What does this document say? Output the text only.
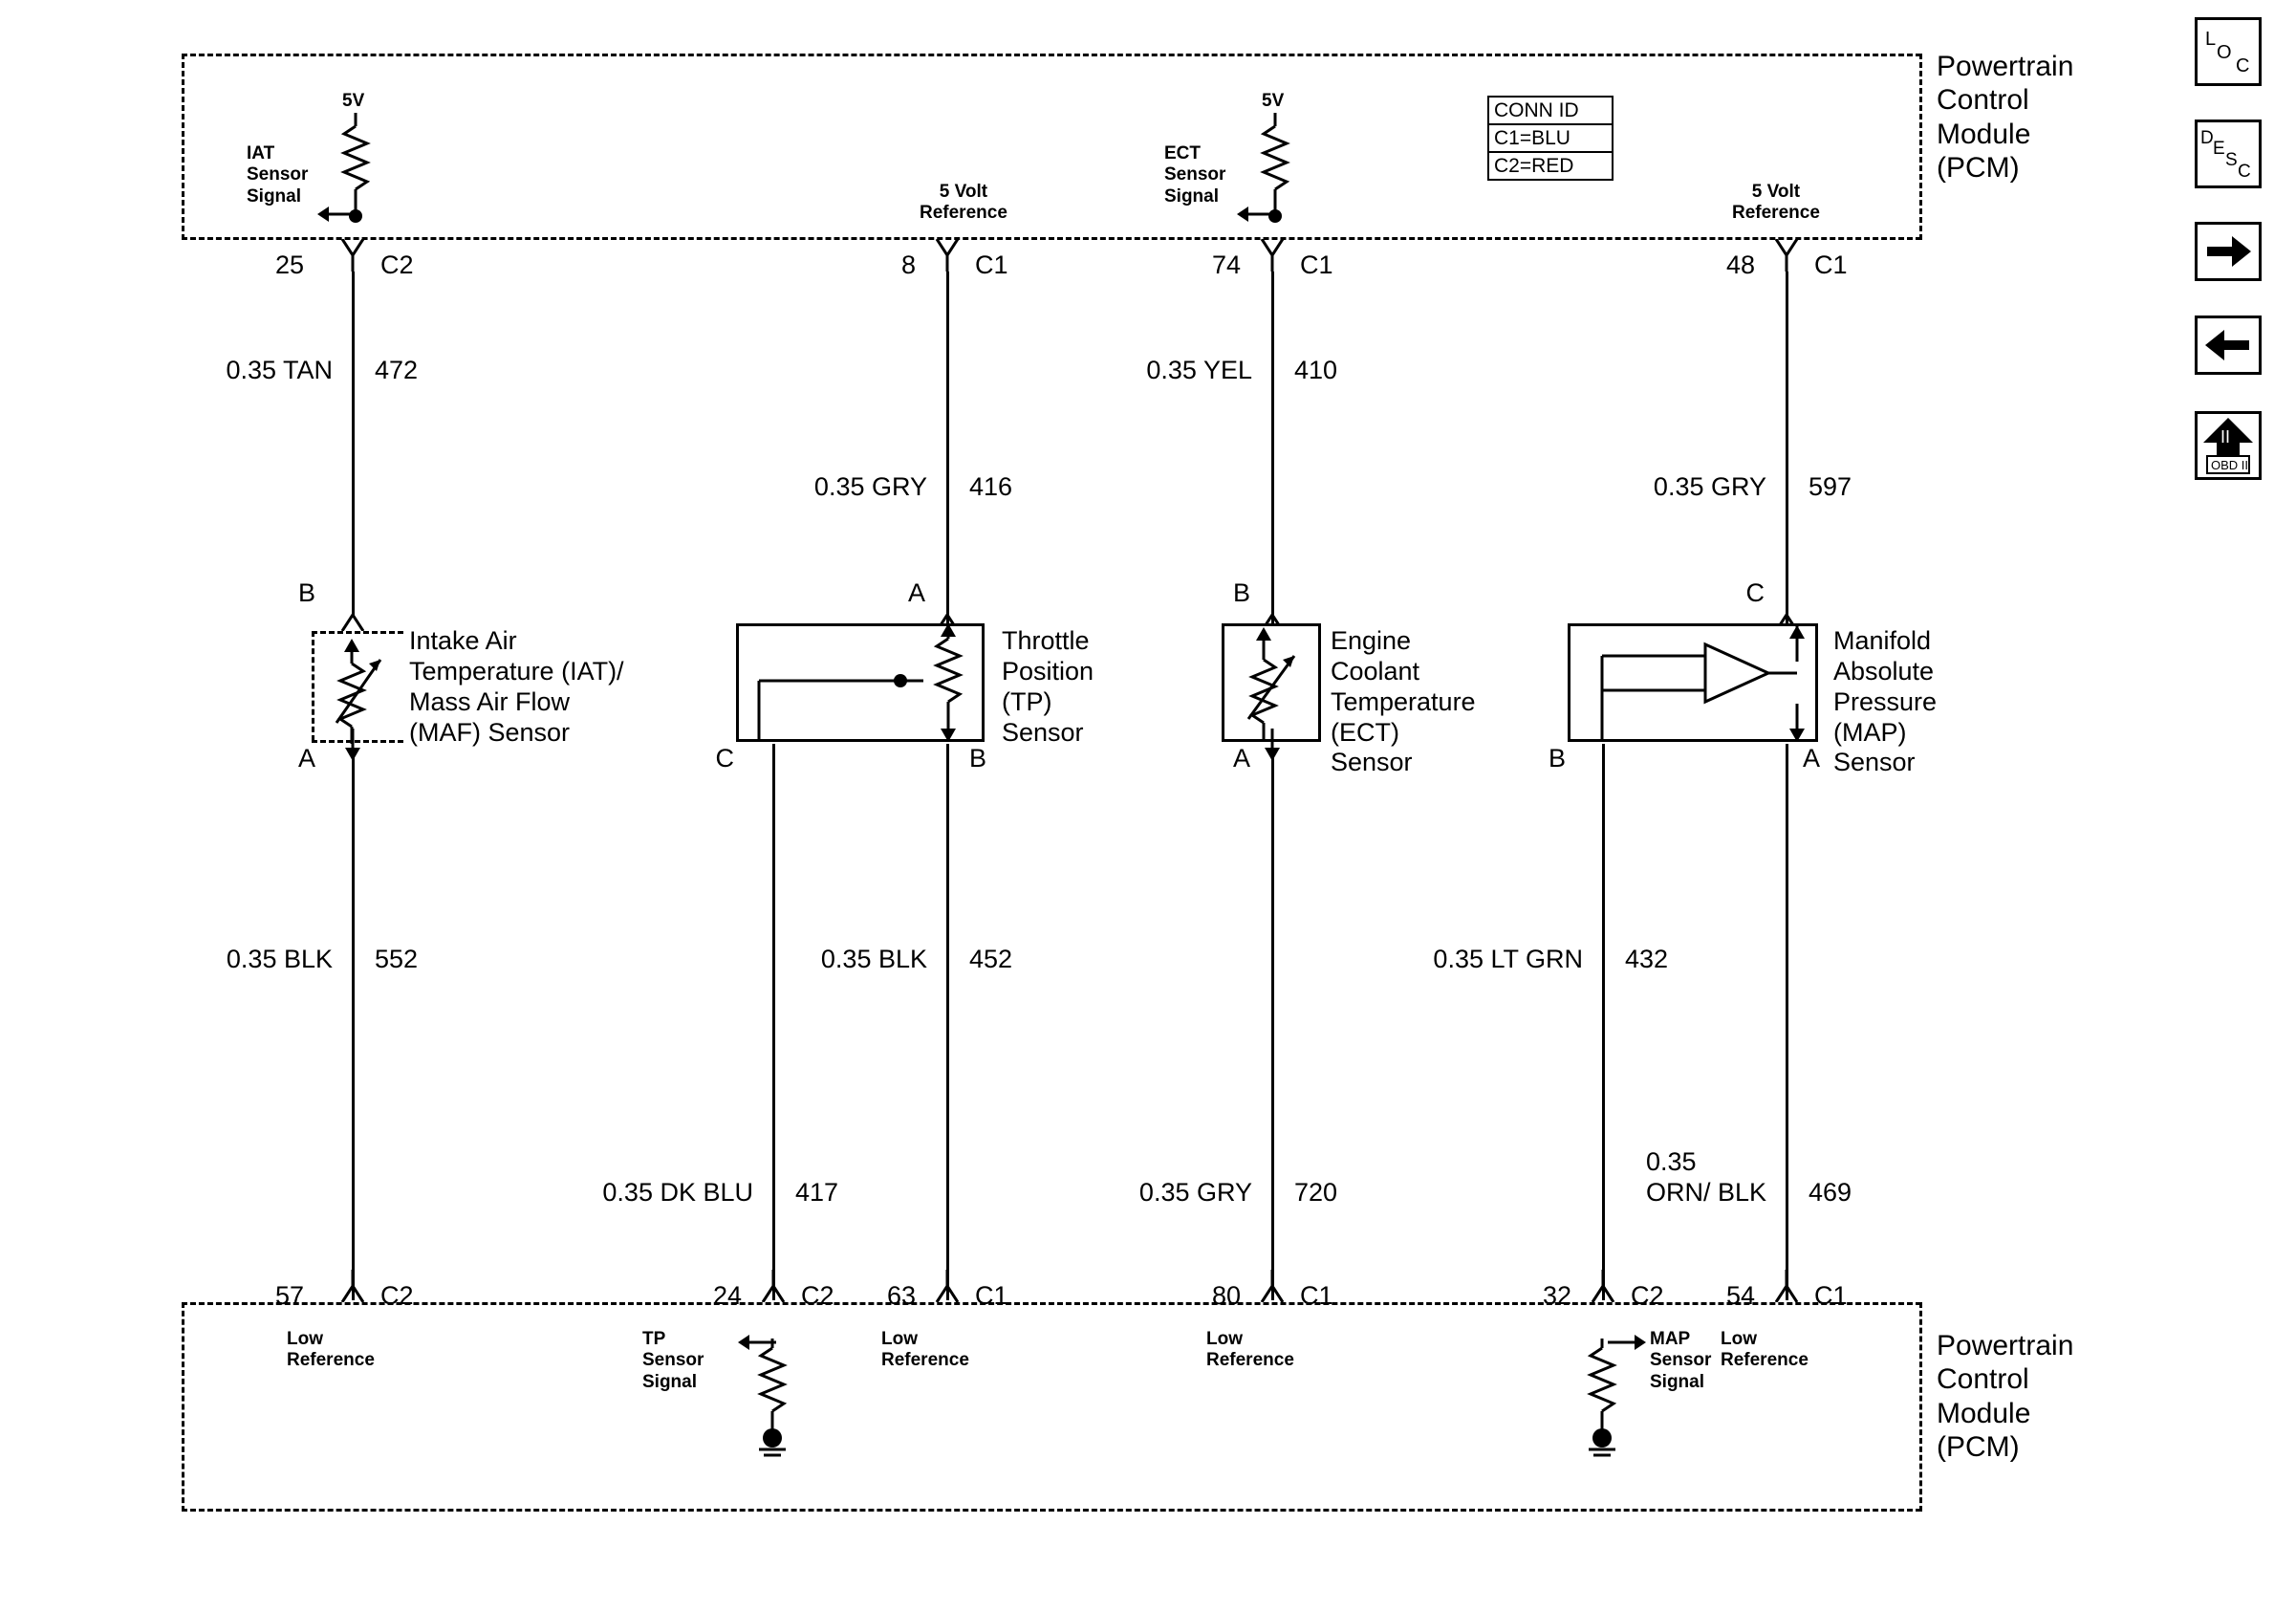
Powertrain
Control
Module
(PCM)
CONN ID
C1=BLU
C2=RED
5V
IAT
Sensor
Signal	5 Volt
Reference
5V
ECT
Sensor
Signal	5 Volt
Reference
25	C2	8 C1	74 C1	48 C1
0.35 TAN 472
0.35 GRY 416
0.35 YEL 410
0.35 GRY 597
B
A
Intake Air
Temperature (IAT)/
Mass Air Flow
(MAF) Sensor
A
C	B
Throttle
Position
(TP)
Sensor
B
A
Engine
Coolant
Temperature
(ECT)
Sensor
C
B	A
Manifold
Absolute
Pressure
(MAP)
Sensor
0.35 BLK 552
0.35 DK BLU 417
0.35 BLK 452
0.35 GRY 720
0.35 LT GRN 432
0.35
ORN/ BLK 469
57	C2	24 C2 63 C1	80 C1	32 C2 54 C1
Powertrain
Control
Module
(PCM)
Low
Reference
TP
Sensor
Signal
Low
Reference
Low
Reference
MAP
Sensor
Signal
Low
Reference
L
O
C
D
E
S
C
II
OBD II
